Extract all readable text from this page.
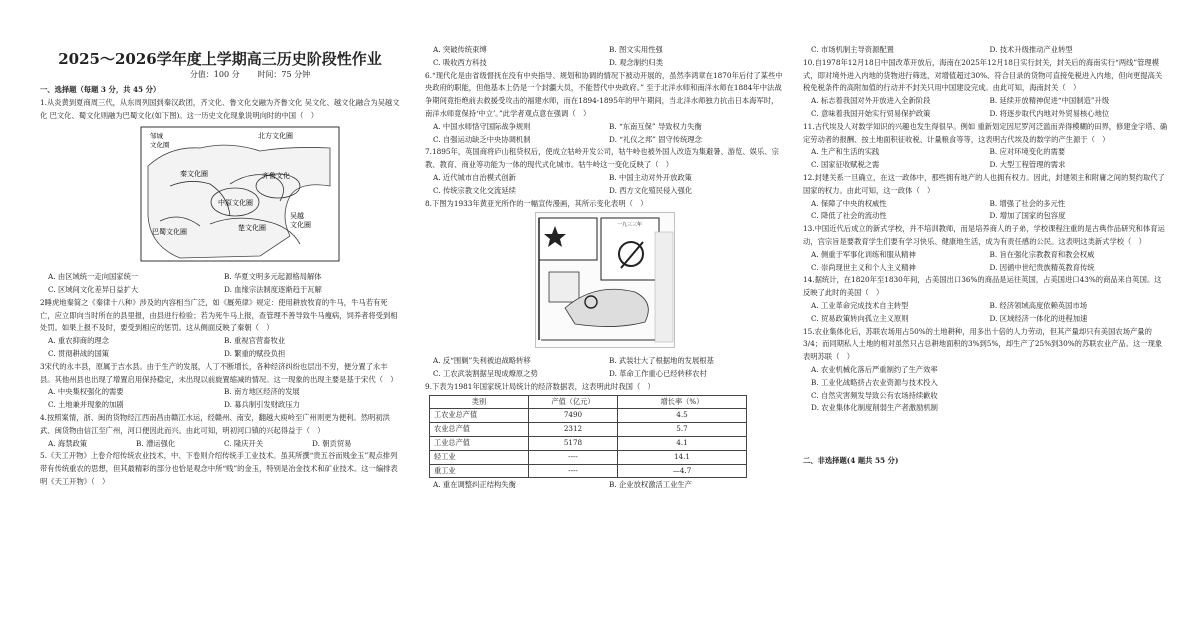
2025～2026学年度上学期高三历史阶段性作业

分值：100 分 时间：75 分钟

一、选择题（每题 3 分，共 45 分）

1.从炎黄到夏商周三代，从东周列国到秦汉政团，齐文化、鲁文化交融为齐鲁文化 吴文化、越文化融合为吴越文化 巴文化、蜀文化则融为巴蜀文化(如下图)。这一历史文化现象说明向时的中国（　）

北方文化圈
邹城
文化圈
秦文化圈	齐鲁文化
中原文化圈
巴蜀文化圈	楚文化圈
吴越
文化圈
A. 由区域统一走向国家统一	B. 华夏文明多元起源格局解体
C. 区域间文化差异日益扩大	D. 血缘宗法制度逐渐趋于瓦解

2睡虎地秦简之《秦律十八种》涉及的内容相当广泛，如《厩苑律》规定：使用耕放牧育的牛马，牛马若有死亡，应立即向当时所在的县里报，由县进行检验；若为死牛马上报，查管理不善导致牛马瘦病，饲养者将受到相处罚。如果上报不及时，要受到相应的惩罚。这从侧面反映了秦朝（　）

A. 重农抑商的理念	B. 重视官营畜牧业
C. 贯彻耕战的国策	D. 繁重的赋役负担

3宋代的永丰县，原属于吉水县。由于生产的发展，人丁不断增长，各种经济纠纷也层出不穷，便分置了永丰县。其他州县也出现了增置启用保持稳定，未出现以前旋置缩减的情况。这一现象的出现主要是基于宋代（　）

A. 中央集权强化的需要	B. 南方地区经济的发展
C. 土地兼并现象的加剧	D. 募兵制引发财政压力

4.按照案情，浙、闽的货物经江西南昌由赣江水运，经赣州、南安，翻越大庾岭至广州则更为便利。然明初洪武、闽货物由信江至广州，河口便因此而兴。由此可知，明初河口镇的兴起得益于（　）

A. 海禁政策	B. 漕运强化	C. 隆庆开关	D. 朝贡贸易

5.《天工开物》上卷介绍传统农业技术，中、下卷则介绍传统手工业技术。虽其所撰“贵五谷而贱金玉”观点排列带有传统重农的思想，但其最精彩的部分也恰是观念中所“贱”的金玉，特别是冶金技术和矿业技术。这一编排表明《天工开物》（　）

A. 突破传统束缚	B. 图文实用性强
C. 吸收西方科技	D. 观念制约归类

6.“现代化是由省级督抚在没有中央指导、规划和协调的情况下被动开展的，虽然李鸿章在1870年后付了某些中央政府的职能，但他基本上仍是一个封疆大员，不能替代中央政府。” 至于北洋水师和南洋水师在1884年中法战争期间竟拒绝前去救援受攻击的福建水师，而在1894-1895年的甲午期间，当北洋水师独力抗击日本海军时，南洋水师竟保持‘中立’。”此学者观点意在强调（　）

A. 中国水师恪守国际战争规则	B. “东南互保” 导致权力失衡
C. 自强运动缺乏中央协调机制	D. “礼仪之邦” 固守传统理念

7.1895年，英国商将庐山租贷权后，使成立牯岭开发公司，牯牛岭也被外国人改造为集避暑、游览、娱乐、宗教、教育、商业等功能为一体的现代式化城市。牯牛岭这一变化反映了（　）

A. 近代城市自治模式创新	B. 中国主动对外开放政策
C. 传统宗教文化交流延续	D. 西方文化殖民侵入强化

8.下图为1933年黄亚光所作的一幅宣传漫画，其所示变化表明（　）

一九三三年
A. 反“围剿”失利被迫战略转移	B. 武装壮大了根据地的发展根基
C. 工农武装割据呈现成燎原之势	D. 革命工作重心已经转移农村

9.下表为1981年国家统计局统计的经济数据表，这表明此时我国（　）

类别	产值（亿元）	增长率（%）
工农业总产值	7490	4.5
农业总产值	2312	5.7
工业总产值	5178	4.1
轻工业	----	14.1
重工业	----	—4.7
A. 重在调整纠正结构失衡	B. 企业放权激活工业生产
C. 市场机制主导资源配置	D. 技术升级推动产业转型

10.自1978年12月18日中国改革开放后，海南在2025年12月18日实行封关，封关后的海南实行“两线”管理模式，即对境外进入内地的货物进行筛选，对增值超过30%、符合目录的货物可直接免税进入内地，但向更提高关税免税条件的高附加值的行动并不封关只用中国建设完成。由此可知，海南封关（　）

A. 标志着我国对外开放进入全新阶段	B. 延续开放精神促进“中国制造”升级
C. 意味着我国开始实行贸易保护政策	D. 将逐步取代内地对外贸易核心地位

11.古代埃及人对数学知识的兴趣也发生得很早。例如 重新划定因尼罗河泛滥而弄得模糊的田界，修建金字塔、确定劳动者的报酬、按土地面积征收税、计量粮食等等，这表明古代埃及的数学的产生源于（　）

A. 生产和生活的实践	B. 应对环境变化的需要
C. 国家征收赋税之需	D. 大型工程管理的需求

12.封建关系一旦确立，在这一政体中，那些拥有地产的人也拥有权力。因此，封建领主和附庸之间的契约取代了国家的权力。由此可知，这一政体（　）

A. 保障了中央的权威性	B. 增强了社会的多元性
C. 降低了社会的流动性	D. 增加了国家的包容度

13.中国近代后成立的新式学校，并不培训教师，而是培养商人的子弟，学校课程注重的是古典作品研究和体育运动，宫宗旨是要教育学生们要有学习快乐、健康地生活，成为有责任感的公民。这表明这类新式学校（　）

A. 侧重于军事化训练和服从精神	B. 旨在强化宗教教育和教会权威
C. 崇尚现世主义和个人主义精神	D. 因循中世纪贵族精英教育传统

14.据统计，在1820年至1830年间，占美国出口36%的商品是运往英国，占美国进口43%的商品来自英国。这反映了此时的美国（　）

A. 工业革命完成技术自主转型	B. 经济领域高度依赖英国市场
C. 贸易政策转向孤立主义原则	D. 区域经济一体化的进程加速

15.农业集体化后，苏联农场用占50%的土地耕种，用多出十倍的人力劳动，但其产量却只有美国农场产量的3/4；而同期私人土地的相对虽然只占总耕地面积的3%到5%，却生产了25%到30%的苏联农业产品。这一现象表明苏联（　）

A. 农业机械化落后严重制约了生产效率

B. 工业化战略挤占农业资源与技术投入

C. 自然灾害频发导致公有农场持续歉收

D. 农业集体化制度削弱生产者激励机制

二、非选择题(4 题共 55 分)
